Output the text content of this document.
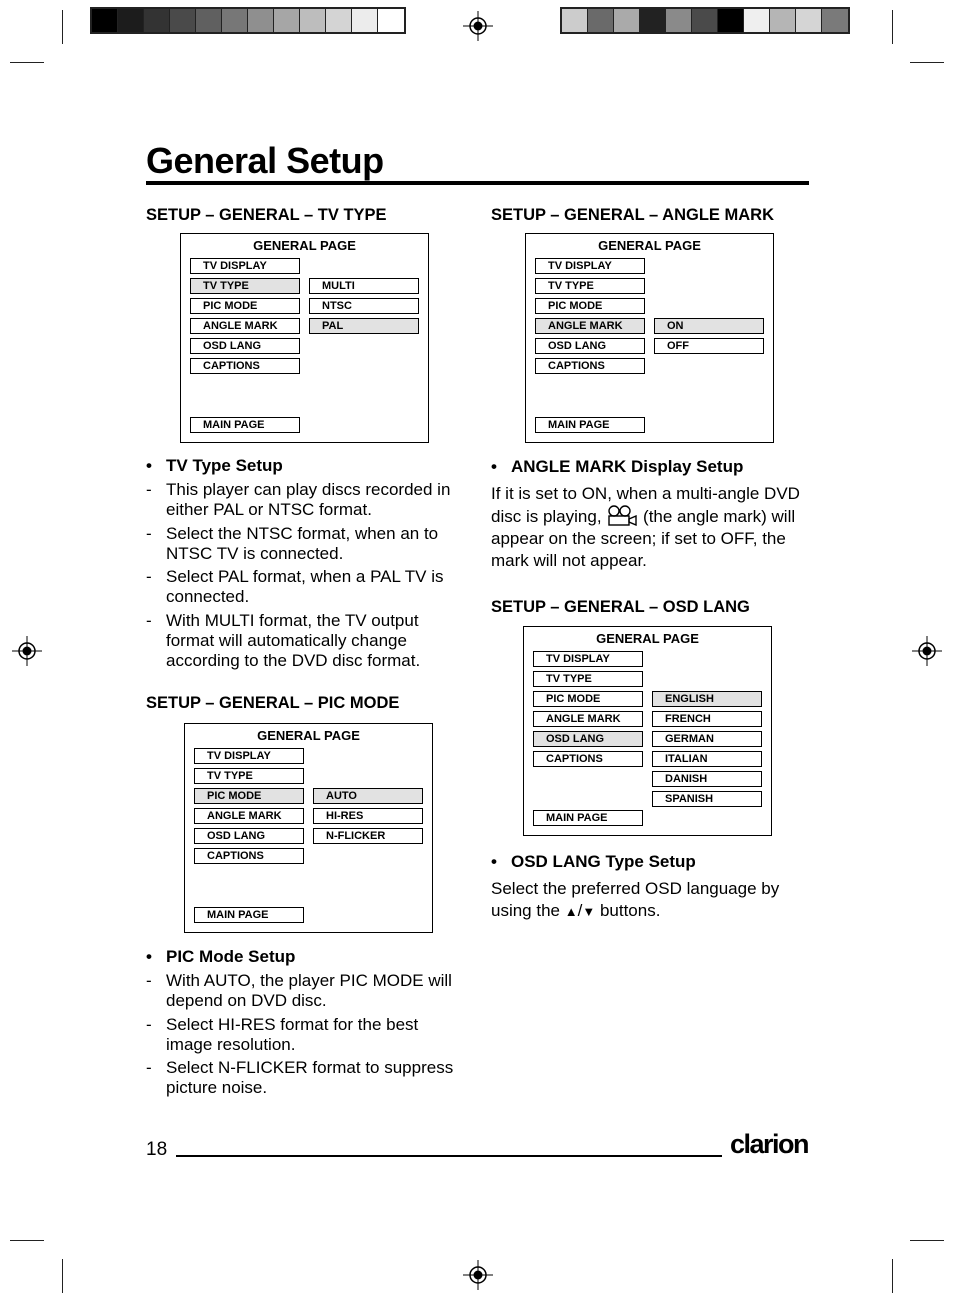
General Setup
SETUP – GENERAL – TV TYPE
GENERAL PAGE
TV DISPLAY
TV TYPE
PIC MODE
ANGLE MARK
OSD LANG
CAPTIONS
MAIN PAGE
MULTI
NTSC
PAL
• TV Type Setup
- This player can play discs recorded in either PAL or NTSC format.
- Select the NTSC format, when an to NTSC TV is connected.
- Select PAL format, when a PAL TV is connected.
- With MULTI format, the TV output format will automatically change according to the DVD disc format.
SETUP – GENERAL – PIC MODE
GENERAL PAGE
TV DISPLAY
TV TYPE
PIC MODE
ANGLE MARK
OSD LANG
CAPTIONS
MAIN PAGE
AUTO
HI-RES
N-FLICKER
• PIC Mode Setup
- With AUTO, the player PIC MODE will depend on DVD disc.
- Select HI-RES format for the best image resolution.
- Select N-FLICKER format to suppress picture noise.
SETUP – GENERAL – ANGLE MARK
GENERAL PAGE
TV DISPLAY
TV TYPE
PIC MODE
ANGLE MARK
OSD LANG
CAPTIONS
MAIN PAGE
ON
OFF
• ANGLE MARK Display Setup

If it is set to ON, when a multi-angle DVD disc is playing, (the angle mark) will appear on the screen; if set to OFF, the mark will not appear.

SETUP – GENERAL – OSD LANG
GENERAL PAGE
TV DISPLAY
TV TYPE
PIC MODE
ANGLE MARK
OSD LANG
CAPTIONS
MAIN PAGE
ENGLISH
FRENCH
GERMAN
ITALIAN
DANISH
SPANISH
• OSD LANG Type Setup

Select the preferred OSD language by using the ▲/▼ buttons.

18	clarion
